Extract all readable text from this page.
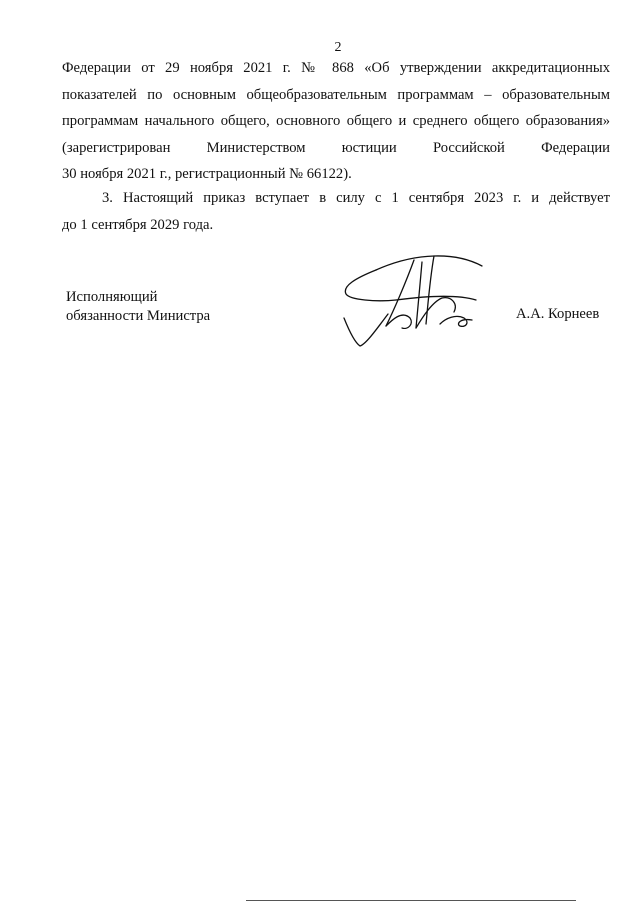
2
Федерации от 29 ноября 2021 г. № 868 «Об утверждении аккредитационных
показателей по основным общеобразовательным программам – образовательным
программам начального общего, основного общего и среднего общего образования»
(зарегистрирован Министерством юстиции Российской Федерации
30 ноября 2021 г., регистрационный № 66122).
3. Настоящий приказ вступает в силу с 1 сентября 2023 г. и действует
до 1 сентября 2029 года.
Исполняющий
обязанности Министра	А.А. Корнеев
